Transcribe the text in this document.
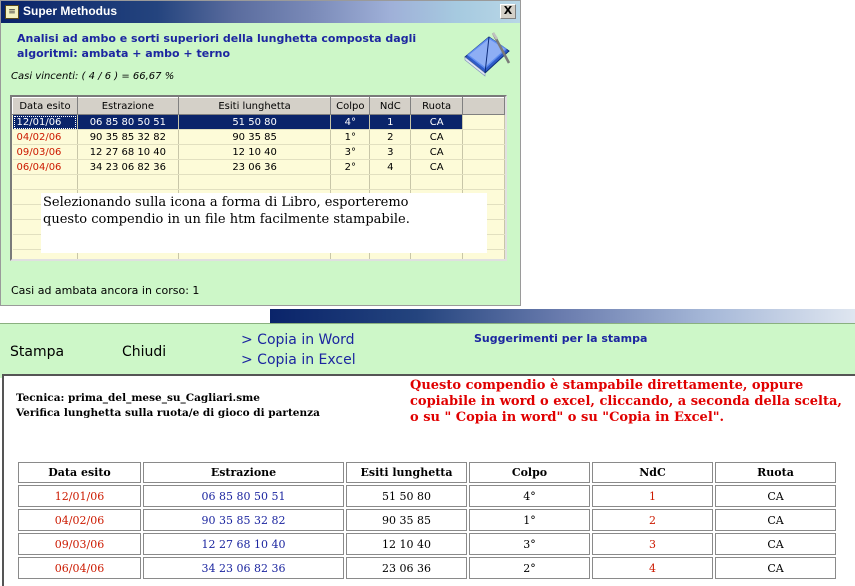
≡ Super Methodus	X
Analisi ad ambo e sorti superiori della lunghetta composta dagli
algoritmi: ambata + ambo + terno
Casi vincenti: ( 4 / 6 ) = 66,67 %
Data esito	Estrazione	Esiti lunghetta	Colpo	NdC	Ruota	
12/01/06	06 85 80 50 51	51 50 80	4°	1	CA	
04/02/06	90 35 85 32 82	90 35 85	1°	2	CA	
09/03/06	12 27 68 10 40	12 10 40	3°	3	CA	
06/04/06	34 23 06 82 36	23 06 36	2°	4	CA	

Selezionando sulla icona a forma di Libro, esporteremo
questo compendio in un file htm facilmente stampabile.
Casi ad ambata ancora in corso: 1
Stampa	Chiudi
> Copia in Word
> Copia in Excel
Suggerimenti per la stampa
Tecnica: prima_del_mese_su_Cagliari.sme
Verifica lunghetta sulla ruota/e di gioco di partenza
Questo compendio è stampabile direttamente, oppure
copiabile in word o excel, cliccando, a seconda della scelta,
o su " Copia in word" o su "Copia in Excel".
Data esito	Estrazione	Esiti lunghetta	Colpo	NdC	Ruota
12/01/06	06 85 80 50 51	51 50 80	4°	1	CA
04/02/06	90 35 85 32 82	90 35 85	1°	2	CA
09/03/06	12 27 68 10 40	12 10 40	3°	3	CA
06/04/06	34 23 06 82 36	23 06 36	2°	4	CA
